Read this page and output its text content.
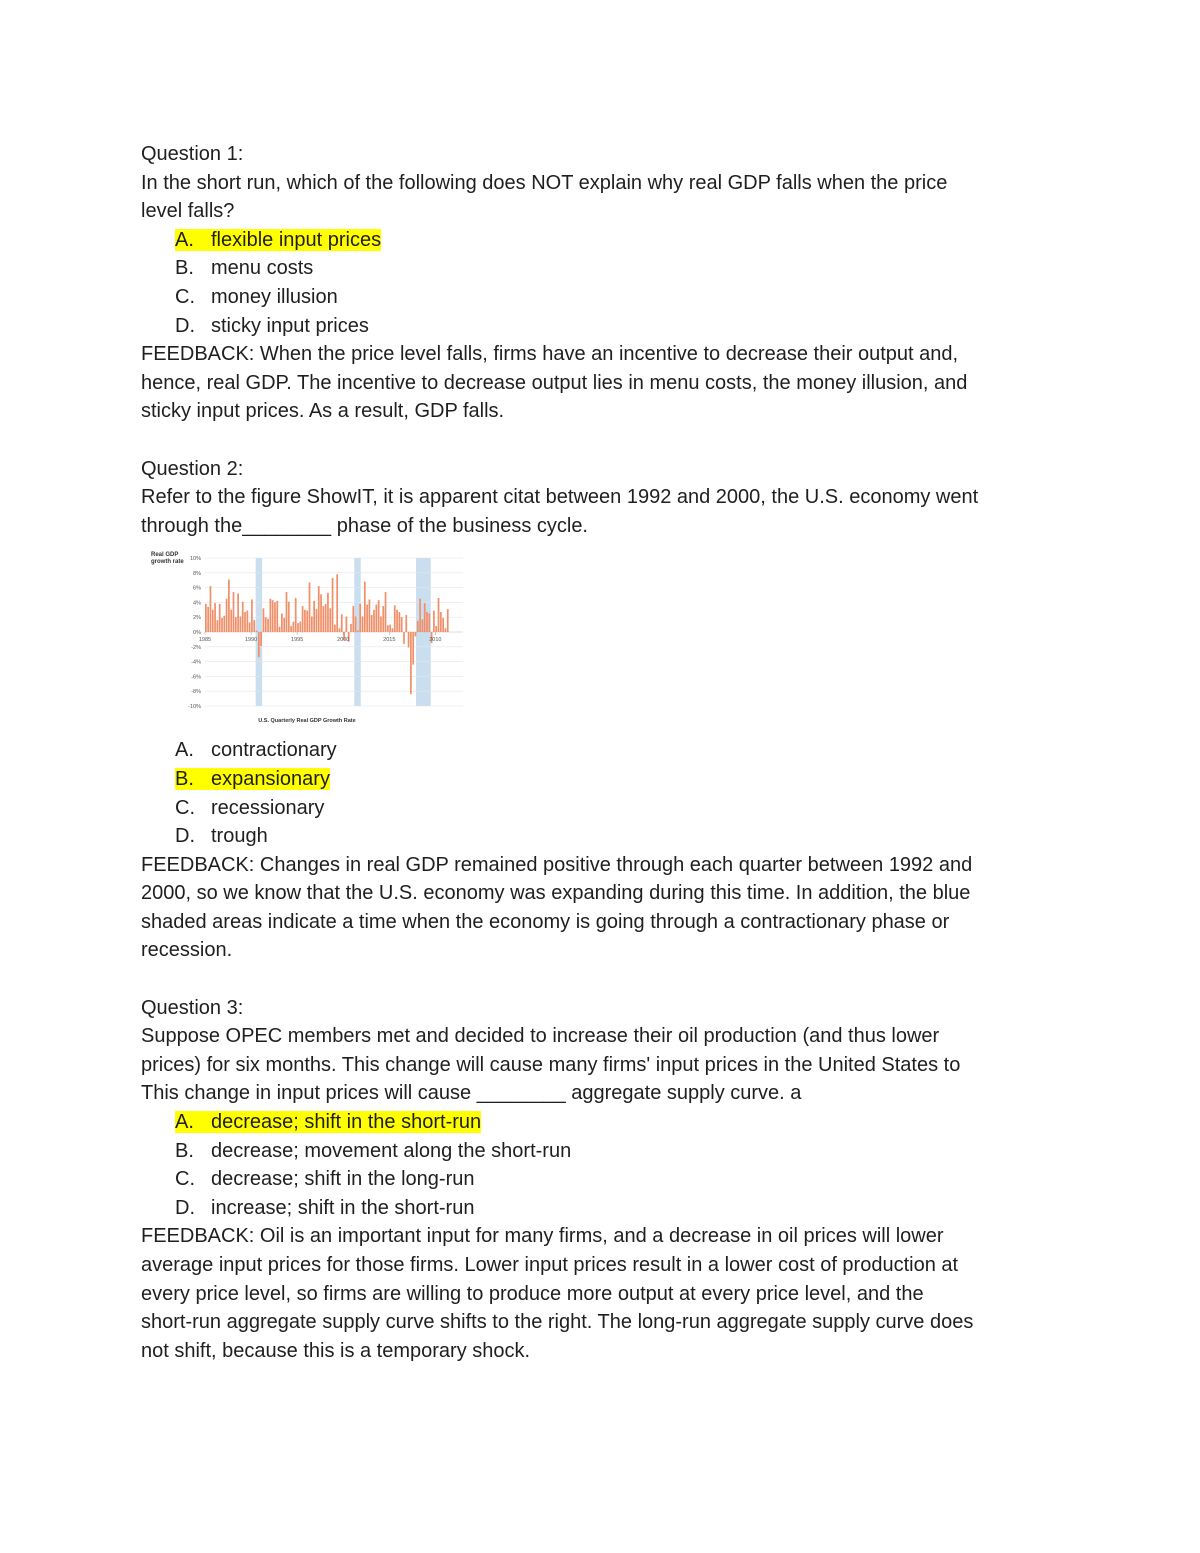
Question 1:
In the short run, which of the following does NOT explain why real GDP falls when the price
level falls?
A. flexible input prices
B. menu costs
C. money illusion
D. sticky input prices
FEEDBACK: When the price level falls, firms have an incentive to decrease their output and,
hence, real GDP. The incentive to decrease output lies in menu costs, the money illusion, and
sticky input prices. As a result, GDP falls.
Question 2:
Refer to the figure ShowIT, it is apparent citat between 1992 and 2000, the U.S. economy went
through the________ phase of the business cycle.
10%
8%
6%
4%
2%
0%
-2%
-4%
-6%
-8%
-10%
1985	1990	1995	2000	2015	2010
Real GDP growth rate
U.S. Quarterly Real GDP Growth Rate
A. contractionary
B. expansionary
C. recessionary
D. trough
FEEDBACK: Changes in real GDP remained positive through each quarter between 1992 and
2000, so we know that the U.S. economy was expanding during this time. In addition, the blue
shaded areas indicate a time when the economy is going through a contractionary phase or
recession.
Question 3:
Suppose OPEC members met and decided to increase their oil production (and thus lower
prices) for six months. This change will cause many firms' input prices in the United States to
This change in input prices will cause ________ aggregate supply curve. a
A. decrease; shift in the short-run
B. decrease; movement along the short-run
C. decrease; shift in the long-run
D. increase; shift in the short-run
FEEDBACK: Oil is an important input for many firms, and a decrease in oil prices will lower
average input prices for those firms. Lower input prices result in a lower cost of production at
every price level, so firms are willing to produce more output at every price level, and the
short-run aggregate supply curve shifts to the right. The long-run aggregate supply curve does
not shift, because this is a temporary shock.
